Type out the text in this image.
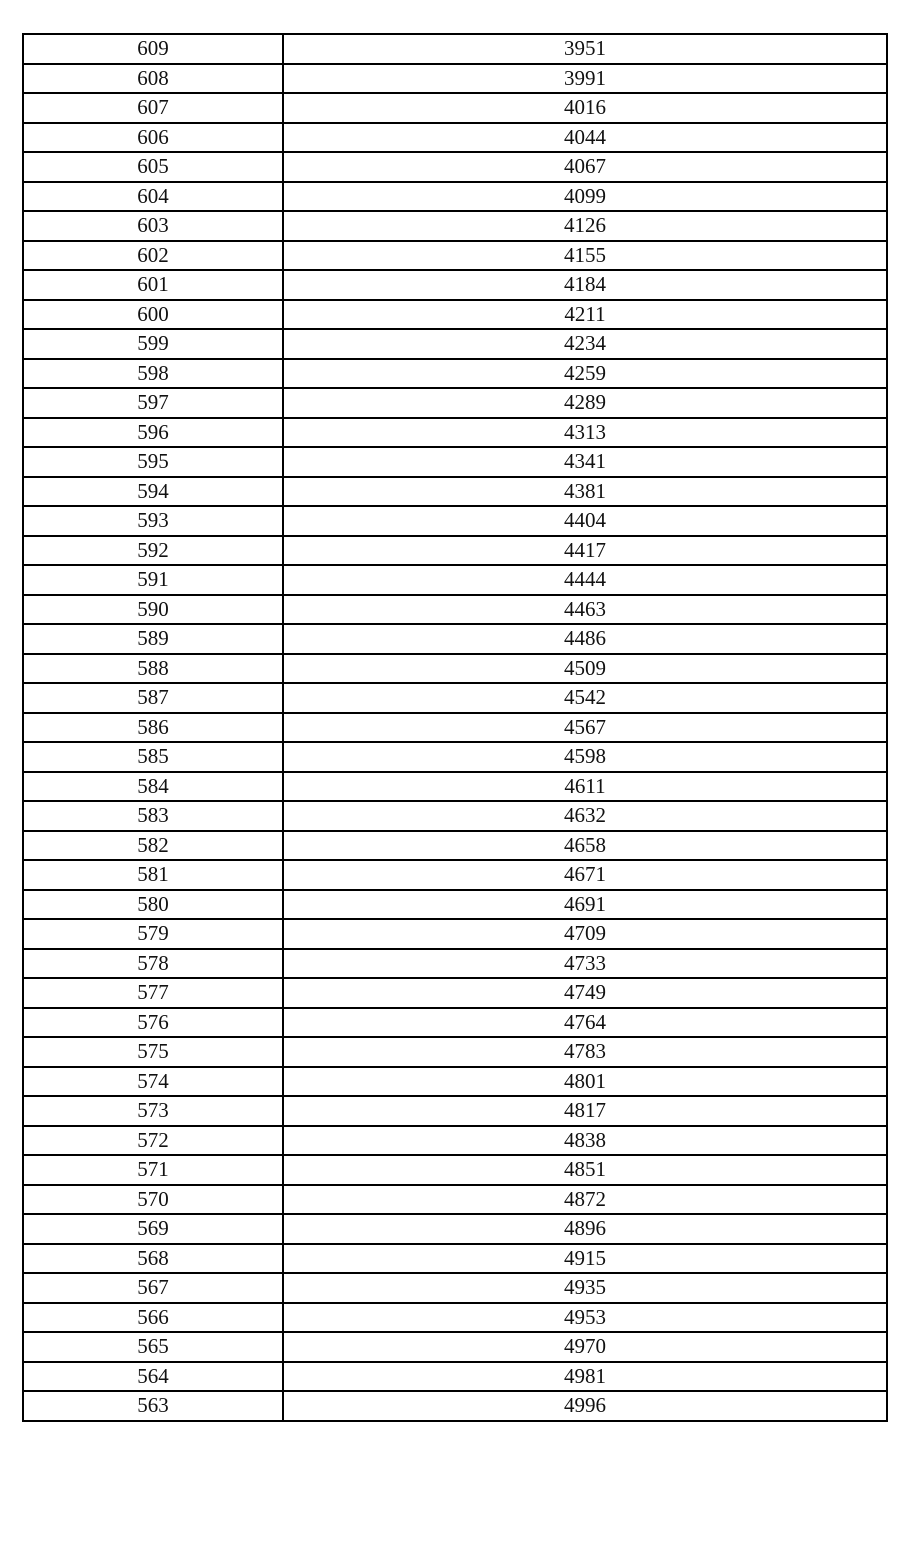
609	3951
608	3991
607	4016
606	4044
605	4067
604	4099
603	4126
602	4155
601	4184
600	4211
599	4234
598	4259
597	4289
596	4313
595	4341
594	4381
593	4404
592	4417
591	4444
590	4463
589	4486
588	4509
587	4542
586	4567
585	4598
584	4611
583	4632
582	4658
581	4671
580	4691
579	4709
578	4733
577	4749
576	4764
575	4783
574	4801
573	4817
572	4838
571	4851
570	4872
569	4896
568	4915
567	4935
566	4953
565	4970
564	4981
563	4996
